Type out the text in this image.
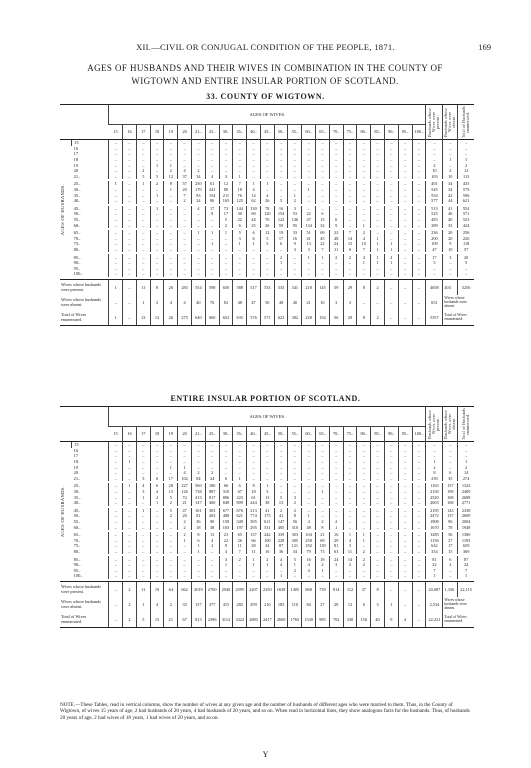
XII.—CIVIL OR CONJUGAL CONDITION OF THE PEOPLE, 1871.	169
AGES OF HUSBANDS AND THEIR WIVES IN COMBINATION IN THE COUNTY OF
WIGTOWN AND ENTIRE INSULAR PORTION OF SCOTLAND.
33. COUNTY OF WIGTOWN.
		AGES OF WIVES.																							Husbands whose Wives were present.	Husbands whose Wives were absent.	Total of Husbands enumerated.

		15	16	17	18	19	20	21–	25–	30–	35–	40–	45–	50–	55–	60–	65–	70–	75–	80–	85–	90–	95–	100–			

AGES OF HUSBANDS.	15	–	–	–	–	–	–	–	–	–	–	–	–	–	–	–	–	–	–	–	–	–	–	–	–	–	–
	16	–	–	–	–	–	–	–	–	–	–	–	–	–	–	–	–	–	–	–	–	–	–	–	–	–	–
	17	–	–	–	–	–	–	–	–	–	–	–	–	–	–	–	–	–	–	–	–	–	–	–	–	–	–
	18	–	–	–	–	–	–	–	–	–	–	–	–	–	–	–	–	–	–	–	–	–	–	–	–	1	1
	19	–	–	–	1	1	–	–	–	–	–	–	–	–	–	–	–	–	–	–	–	–	–	–	2	–	2
	20	–	–	2	–	2	4	2	–	–	–	–	–	–	–	–	–	–	–	–	–	–	–	–	10	2	12
	21–	–	–	5	5	12	37	34	4	3	1	–	–	–	–	–	–	–	–	–	–	–	–	–	103	10	113

	25–	1	–	1	2	8	57	230	61	12	7	1	1	–	–	–	–	–	–	–	–	–	–	–	401	34	435
	30–	–	–	–	–	1	20	170	241	80	18	4	–	–	–	1	–	–	–	–	–	–	–	–	545	34	579
	35–	–	–	–	1	–	7	83	154	211	76	14	4	–	1	–	–	–	–	–	–	–	–	–	554	42	596
	40–	–	–	–	–	–	2	24	86	165	125	62	26	5	2	–	–	–	–	–	–	–	–	–	577	44	621

	45–	–	–	–	1	–	–	4	17	73	144	130	78	16	3	–	–	–	–	–	–	–	–	–	513	41	554
	50–	–	–	–	–	–	–	–	8	17	30	69	120	154	53	22	6	–	–	–	–	–	–	–	525	46	571
	55–	–	–	–	–	–	–	–	–	5	22	44	76	122	146	47	15	6	–	–	–	–	–	–	483	40	523
	60–	–	–	–	–	–	–	–	–	2	6	25	26	59	95	134	32	9	–	1	–	–	–	–	389	35	424

	65–	–	–	–	–	–	–	1	1	1	5	6	12	19	33	51	69	22	7	2	–	–	–	–	236	20	256
	70–	–	–	–	–	–	–	–	–	–	3	6	5	17	16	41	45	48	14	4	1	–	–	–	200	20	220
	75–	–	–	–	–	–	–	–	1	–	1	1	5	6	9	13	22	24	15	10	1	1	–	–	109	9	118
	80–	–	–	–	–	–	–	–	–	–	–	–	–	–	3	3	7	11	6	7	1	1	–	–	47	10	57

	85–	–	–	–	–	–	–	–	–	–	–	–	–	2	–	1	1	2	2	4	1	4	–	–	17	3	20
	90–	–	–	–	–	–	–	–	–	–	–	–	–	1	–	–	–	–	–	1	1	1	–	–	5	–	5
	95–	–	–	–	–	–	–	–	–	–	–	–	–	–	–	–	–	–	–	–	–	–	–	–	–	–	–
	100–	–	–	–	–	–	–	–	–	–	–	–	–	–	–	–	–	–	–	–	–	–	–	–	–	–	–

Wives whose husbands were present.		1	–	11	8	26	283	554	598	650	588	517	533	533	341	218	145	59	29	8	2	–	–	–	4658	403	5256
Wives whose husbands were absent.		–	–	1	2	4	4	40	76	82	48	47	50	48	40	21	10	3	3	–	–	–	–	–	651	Wives whose husbands were absent.	
Total of Wives enumerated.		1	–	12	12	26	275	640	660	652	635	576	571	623	382	228	154	56	29	8	2	–	–	–	5357	Total of Wives enumerated.	
ENTIRE INSULAR PORTION OF SCOTLAND.
		AGES OF WIVES.																							Husbands whose Wives were present.	Husbands whose Wives were absent.	Total of Husbands enumerated.

		15	16	17	18	19	20	21–	25–	30–	35–	40–	45–	50–	55–	60–	65–	70–	75–	80–	85–	90–	95–	100–			

AGES OF HUSBANDS.	15	–	–	–	–	–	–	–	–	–	–	–	–	–	–	–	–	–	–	–	–	–	–	–	–	–	–
	16	–	–	–	–	–	–	–	–	–	–	–	–	–	–	–	–	–	–	–	–	–	–	–	–	–	–
	17	–	–	–	–	–	–	–	–	–	–	–	–	–	–	–	–	–	–	–	–	–	–	–	–	–	–
	18	–	1	–	–	–	–	–	–	–	–	–	–	–	–	–	–	–	–	–	–	–	–	–	1	–	1
	19	–	–	–	–	1	1	–	–	–	–	–	–	–	–	–	–	–	–	–	–	–	–	–	2	–	2
	20	–	–	–	–	–	4	2	2	–	–	–	–	–	–	–	–	–	–	–	–	–	–	–	8	6	14
	21–	–	–	3	6	17	102	84	24	6	1	–	–	–	–	–	–	–	–	–	–	–	–	–	239	35	274

	25–	–	1	4	6	28	227	560	180	66	6	8	1	–	–	–	–	–	–	–	–	–	–	–	1165	157	1322
	30–	–	–	3	4	15	126	738	887	310	67	18	3	–	–	–	1	–	–	–	–	–	–	–	2150	199	2409
	35–	–	–	1	2	5	72	413	817	806	223	61	13	5	3	–	–	–	–	–	–	–	–	–	2520	168	2688
	40–	–	–	–	1	2	21	147	460	848	809	244	38	13	2	–	–	–	–	–	–	–	–	–	2603	168	2771

	45–	–	–	1	–	5	47	161	303	677	676	213	41	2	2	–	–	–	–	–	–	–	–	–	2195	143	2338
	50–	–	–	–	–	2	20	81	203	488	621	774	175	41	8	1	–	–	–	–	–	–	–	–	2472	137	2609
	55–	–	–	–	–	–	2	36	90	158	349	395	611	147	56	4	2	2	–	–	–	–	–	–	1908	96	2004
	60–	–	–	–	–	–	2	18	38	103	197	295	531	405	310	48	8	1	–	–	–	–	–	–	1670	78	1948

	65–	–	–	–	–	–	2	8	13	23	65	137	242	339	303	104	21	16	1	1	–	–	–	–	1285	56	1380
	70–	–	–	–	–	–	1	6	4	22	26	66	100	228	305	258	69	29	4	1	–	–	–	–	1156	27	1183
	75–	–	–	–	–	–	–	1	2	9	11	28	34	87	121	182	139	81	3	–	–	–	–	–	642	17	659
	80–	–	–	–	–	–	–	1	–	4	7	11	16	36	34	79	73	63	11	2	–	–	–	–	354	15	369

	85–	–	–	–	–	–	–	–	–	3	2	1	2	4	5	16	18	24	14	2	–	–	–	–	81	6	87
	90–	–	–	–	–	–	–	–	–	1	–	1	1	4	1	4	2	3	2	2	–	–	–	–	22	2	24
	95–	–	–	–	–	–	–	–	–	–	–	–	–	–	2	4	1	–	–	–	–	–	–	–	7	–	7
	100–	–	–	–	–	–	–	–	–	–	–	–	–	1	–	–	–	–	–	–	–	–	–	–	1	–	1

Wives whose husbands were present.		–	2	11	19	64	662	2019	2700	2940	2595	2207	2250	1638	1405	868	739	814	112	37	8	–	–	–	20,687	1,336	22,115
Wives whose husbands were absent.		–	2	1	4	2	33	157	377	415	282	299	210	183	110	84	27	28	12	6	3	1	–	–	2,534	Wives whose husbands were absent.	
Total of Wives enumerated.		–	2	5	15	21	67	813	2396	3112	3322	2883	2417	2600	1765	1530	985	702	338	150	40	9	4	–	22,221	Total of Wives enumerated.	
NOTE.—These Tables, read in vertical columns, show the number of wives at any given age and the number of husbands of different ages who were married to them. Thus, in the County of Wigtown, of wives 15 years of age, 2 had husbands of 20 years, 4 had husbands of 20 years, and so on. When read in horizontal lines, they show analogous facts for the husbands. Thus, of husbands 20 years of age, 2 had wives of 18 years, 1 had wives of 20 years, and so on.
Y
